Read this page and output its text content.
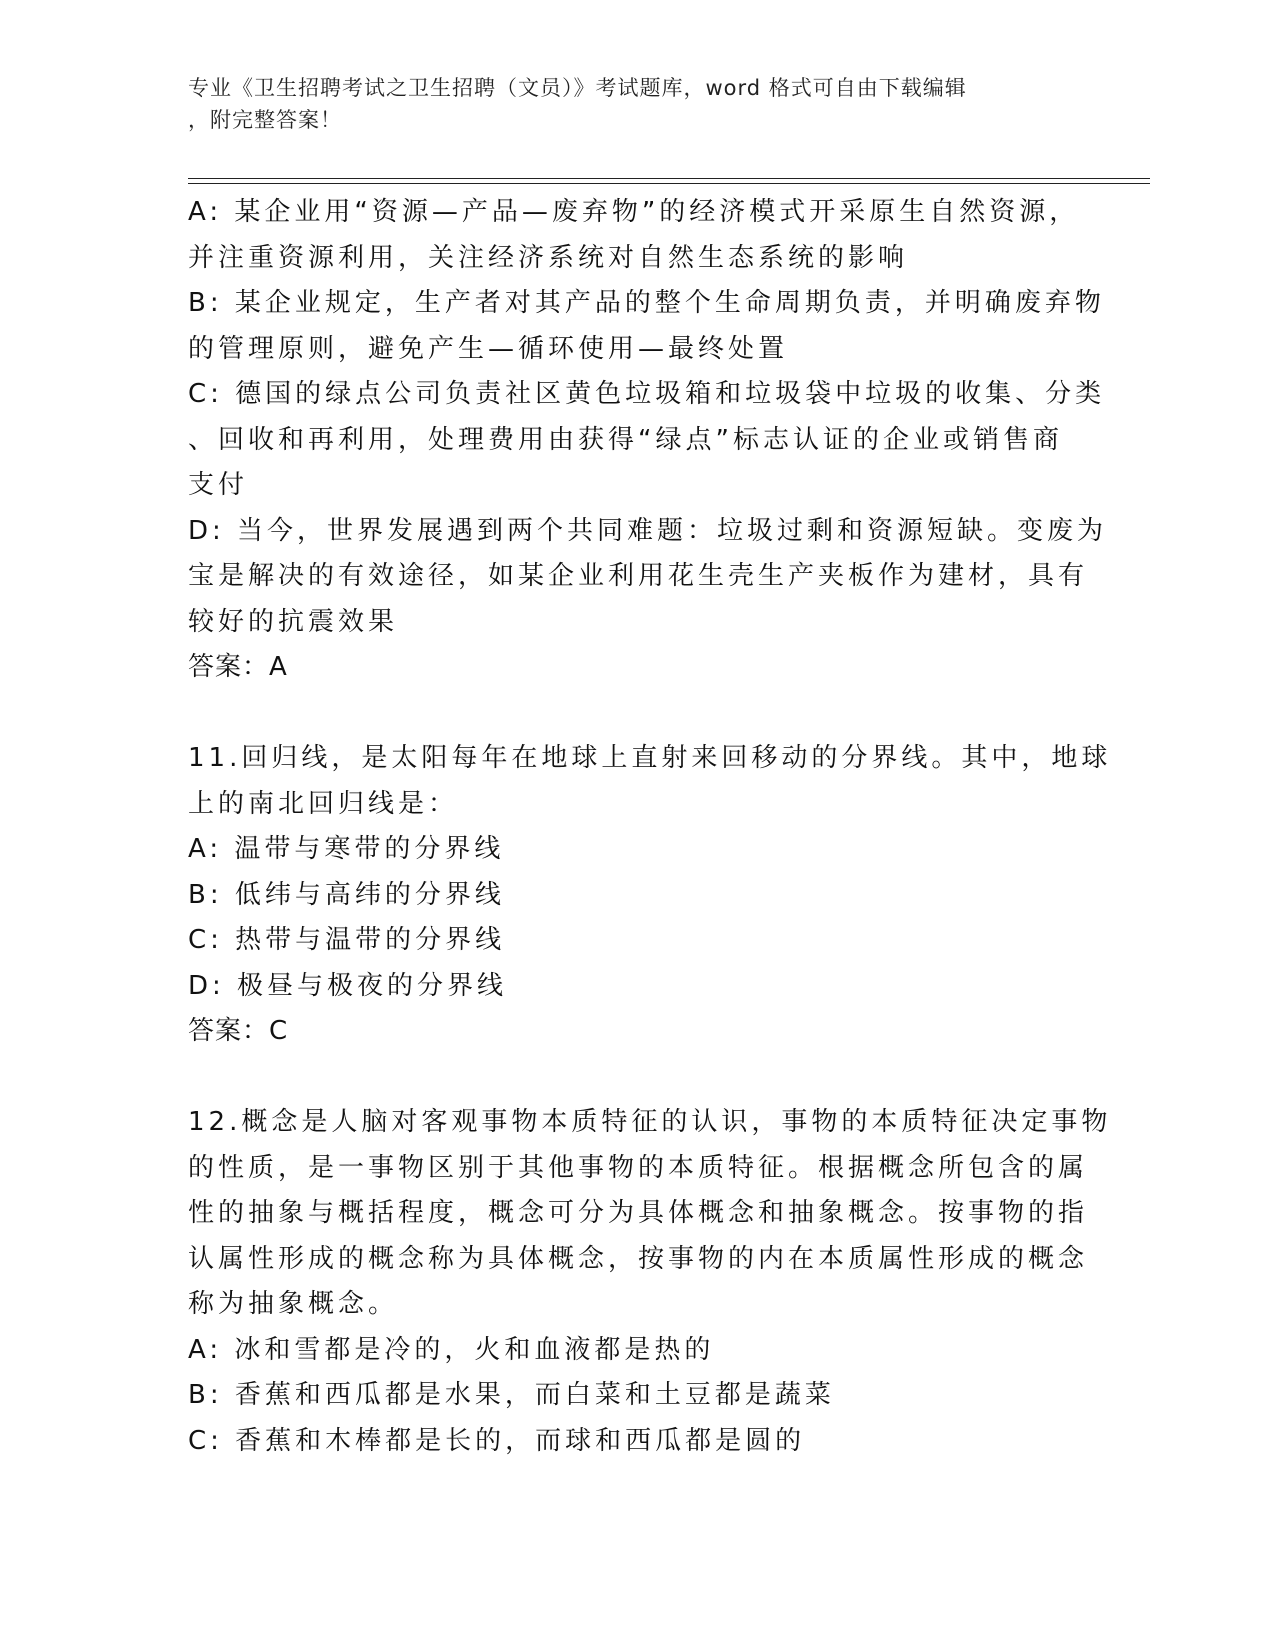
专业《卫生招聘考试之卫生招聘（文员）》考试题库，word 格式可自由下载编辑
，附完整答案！
A: 某企业用“资源—产品—废弃物”的经济模式开采原生自然资源，
并注重资源利用，关注经济系统对自然生态系统的影响
B: 某企业规定，生产者对其产品的整个生命周期负责，并明确废弃物
的管理原则，避免产生—循环使用—最终处置
C: 德国的绿点公司负责社区黄色垃圾箱和垃圾袋中垃圾的收集、分类
、回收和再利用，处理费用由获得“绿点”标志认证的企业或销售商
支付
D: 当今，世界发展遇到两个共同难题：垃圾过剩和资源短缺。变废为
宝是解决的有效途径，如某企业利用花生壳生产夹板作为建材，具有
较好的抗震效果
答案：A
11.回归线，是太阳每年在地球上直射来回移动的分界线。其中，地球
上的南北回归线是：
A: 温带与寒带的分界线
B: 低纬与高纬的分界线
C: 热带与温带的分界线
D: 极昼与极夜的分界线
答案：C
12.概念是人脑对客观事物本质特征的认识，事物的本质特征决定事物
的性质，是一事物区别于其他事物的本质特征。根据概念所包含的属
性的抽象与概括程度，概念可分为具体概念和抽象概念。按事物的指
认属性形成的概念称为具体概念，按事物的内在本质属性形成的概念
称为抽象概念。
A: 冰和雪都是冷的，火和血液都是热的
B: 香蕉和西瓜都是水果，而白菜和土豆都是蔬菜
C: 香蕉和木棒都是长的，而球和西瓜都是圆的
